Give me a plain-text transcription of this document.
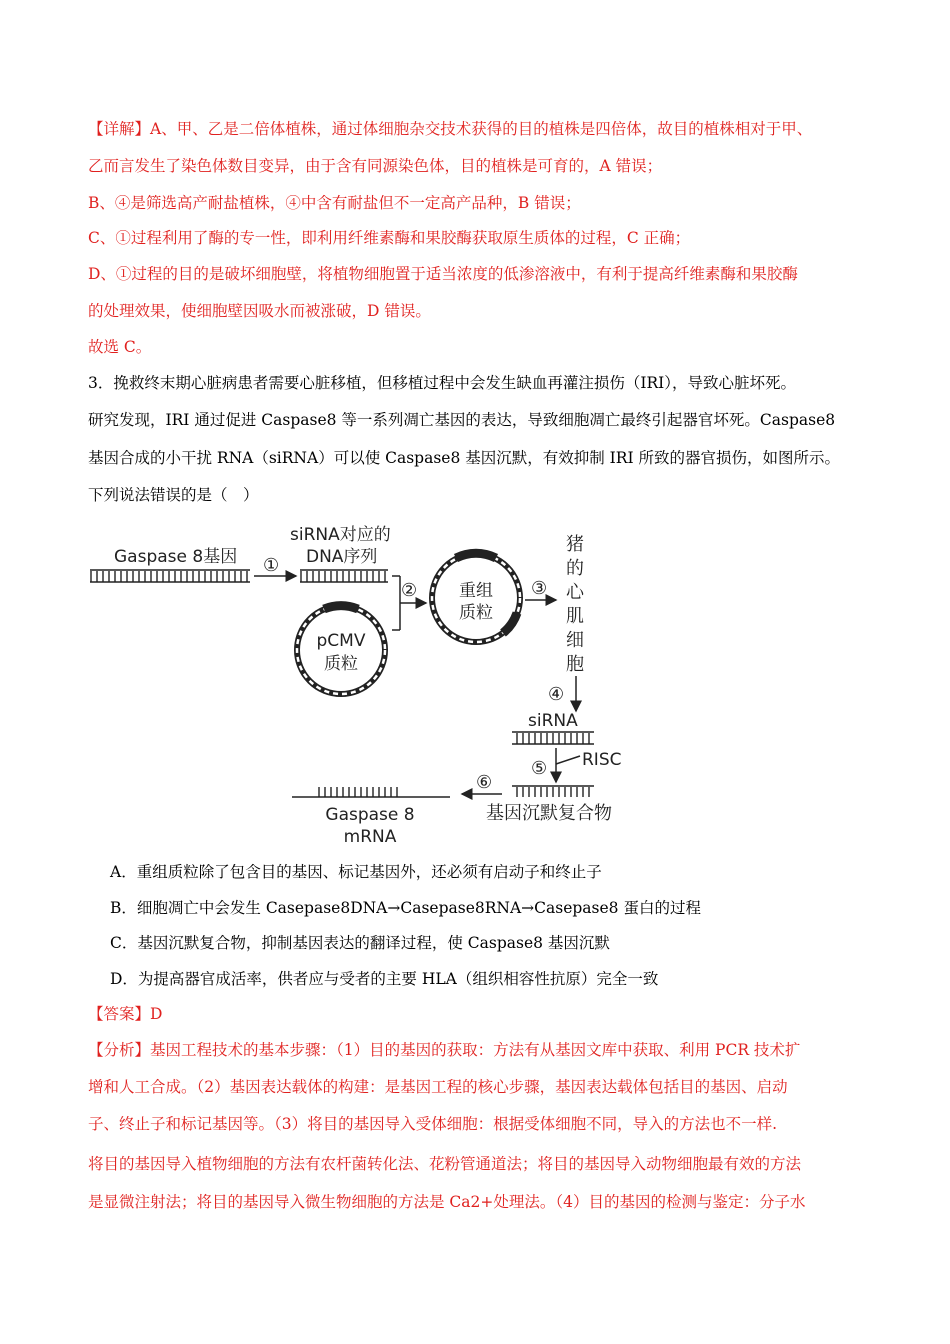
【详解】A、甲、乙是二倍体植株，通过体细胞杂交技术获得的目的植株是四倍体，故目的植株相对于甲、
乙而言发生了染色体数目变异，由于含有同源染色体，目的植株是可育的，A 错误；
B、④是筛选高产耐盐植株，④中含有耐盐但不一定高产品种，B 错误；
C、①过程利用了酶的专一性，即利用纤维素酶和果胶酶获取原生质体的过程，C 正确；
D、①过程的目的是破坏细胞壁，将植物细胞置于适当浓度的低渗溶液中，有利于提高纤维素酶和果胶酶
的处理效果，使细胞壁因吸水而被涨破，D 错误。
故选 C。
3．挽救终末期心脏病患者需要心脏移植，但移植过程中会发生缺血再灌注损伤（IRI），导致心脏坏死。
研究发现，IRI 通过促进 Caspase8 等一系列凋亡基因的表达，导致细胞凋亡最终引起器官坏死。Caspase8
基因合成的小干扰 RNA（siRNA）可以使 Caspase8 基因沉默，有效抑制 IRI 所致的器官损伤，如图所示。
下列说法错误的是（　）
Gaspase 8基因 ①
siRNA对应的
DNA序列
②
pCMV
质粒
重组
质粒
③
猪
的
心
肌
细
胞
④
siRNA
RISC
⑤
基因沉默复合物
⑥
Gaspase 8
mRNA
A．重组质粒除了包含目的基因、标记基因外，还必须有启动子和终止子
B．细胞凋亡中会发生 Casepase8DNA→Casepase8RNA→Casepase8 蛋白的过程
C．基因沉默复合物，抑制基因表达的翻译过程，使 Caspase8 基因沉默
D．为提高器官成活率，供者应与受者的主要 HLA（组织相容性抗原）完全一致
【答案】D
【分析】基因工程技术的基本步骤：（1）目的基因的获取：方法有从基因文库中获取、利用 PCR 技术扩
增和人工合成。（2）基因表达载体的构建：是基因工程的核心步骤，基因表达载体包括目的基因、启动
子、终止子和标记基因等。（3）将目的基因导入受体细胞：根据受体细胞不同，导入的方法也不一样.
将目的基因导入植物细胞的方法有农杆菌转化法、花粉管通道法；将目的基因导入动物细胞最有效的方法
是显微注射法；将目的基因导入微生物细胞的方法是 Ca2+处理法。（4）目的基因的检测与鉴定：分子水
